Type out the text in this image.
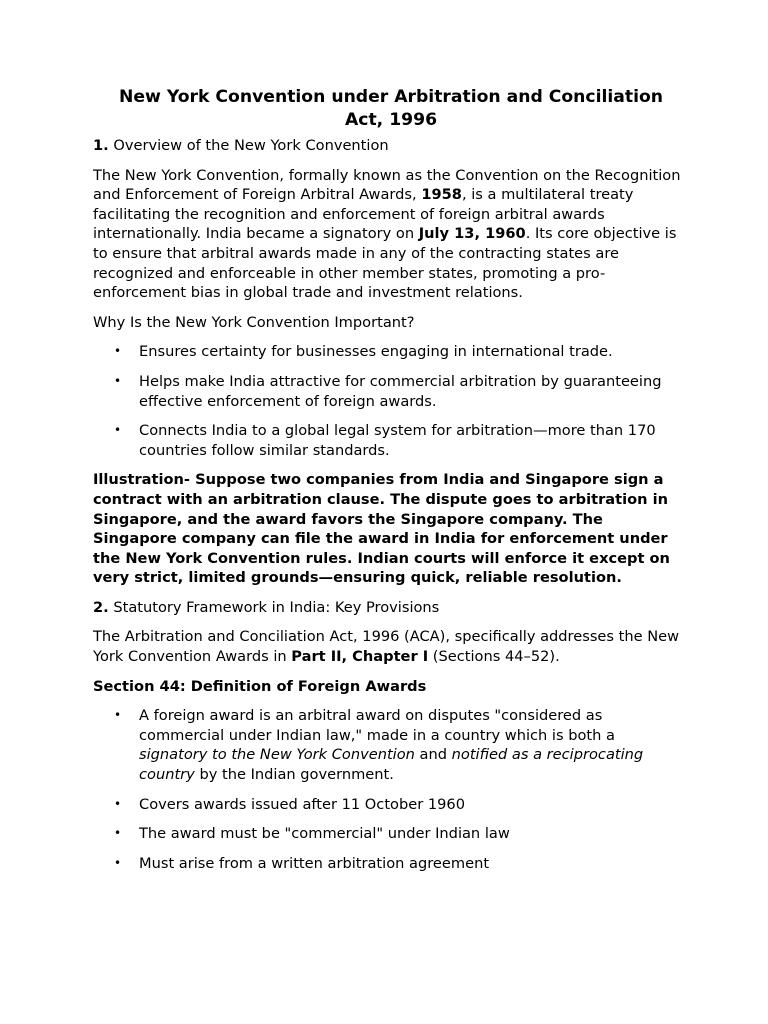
New York Convention under Arbitration and Conciliation Act, 1996
1. Overview of the New York Convention

The New York Convention, formally known as the Convention on the Recognition and Enforcement of Foreign Arbitral Awards, 1958, is a multilateral treaty facilitating the recognition and enforcement of foreign arbitral awards internationally. India became a signatory on July 13, 1960. Its core objective is to ensure that arbitral awards made in any of the contracting states are recognized and enforceable in other member states, promoting a pro-enforcement bias in global trade and investment relations.

Why Is the New York Convention Important?

• Ensures certainty for businesses engaging in international trade.
• Helps make India attractive for commercial arbitration by guaranteeing effective enforcement of foreign awards.
• Connects India to a global legal system for arbitration—more than 170 countries follow similar standards.

Illustration- Suppose two companies from India and Singapore sign a contract with an arbitration clause. The dispute goes to arbitration in Singapore, and the award favors the Singapore company. The Singapore company can file the award in India for enforcement under the New York Convention rules. Indian courts will enforce it except on very strict, limited grounds—ensuring quick, reliable resolution.

2. Statutory Framework in India: Key Provisions

The Arbitration and Conciliation Act, 1996 (ACA), specifically addresses the New York Convention Awards in Part II, Chapter I (Sections 44–52).

Section 44: Definition of Foreign Awards

• A foreign award is an arbitral award on disputes "considered as commercial under Indian law," made in a country which is both a signatory to the New York Convention and notified as a reciprocating country by the Indian government.
• Covers awards issued after 11 October 1960
• The award must be "commercial" under Indian law
• Must arise from a written arbitration agreement
